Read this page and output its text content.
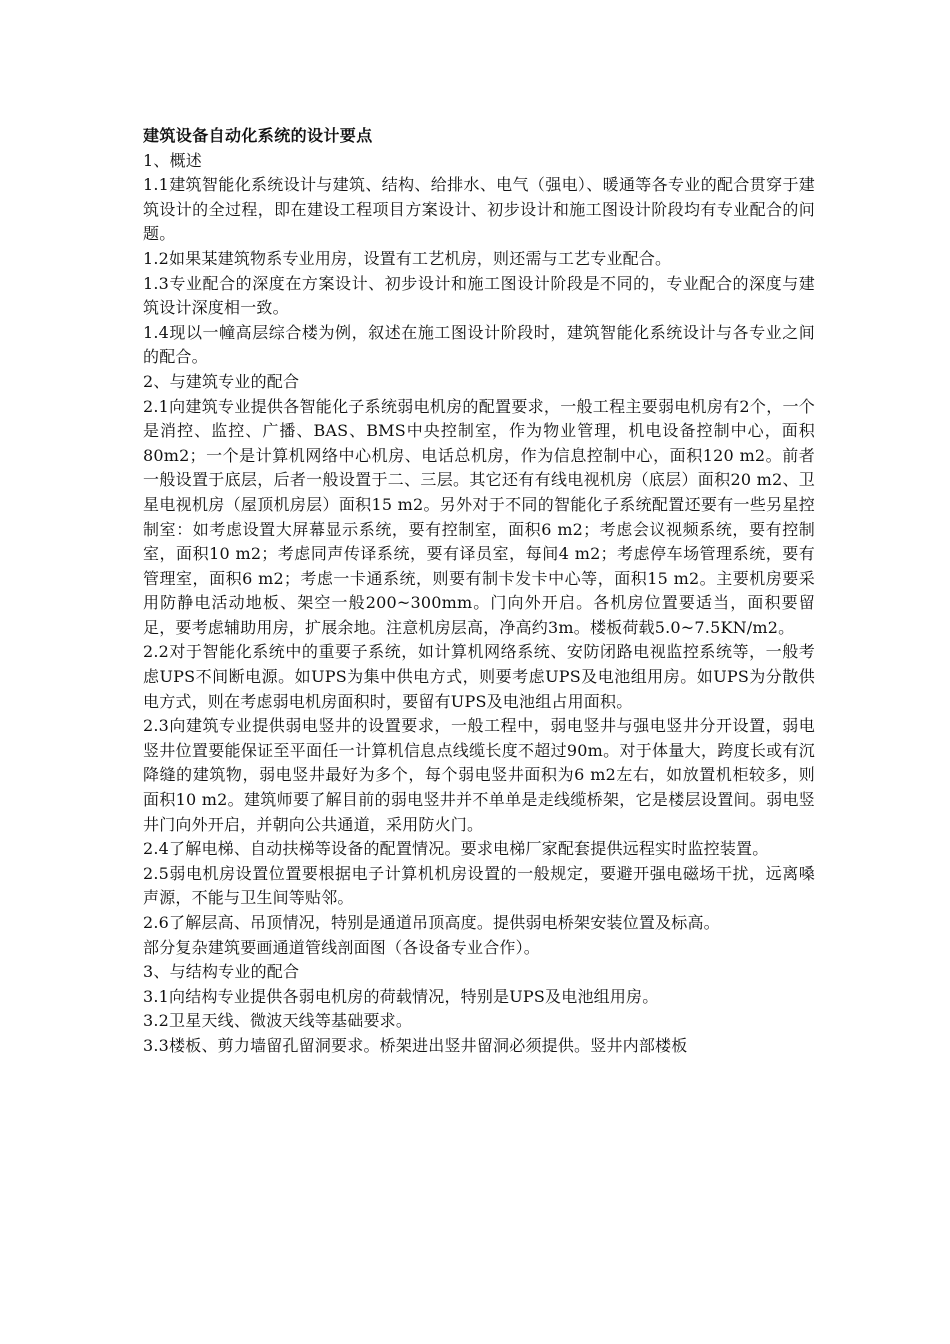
建筑设备自动化系统的设计要点

1、概述

1.1建筑智能化系统设计与建筑、结构、给排水、电气（强电）、暖通等各专业的配合贯穿于建筑设计的全过程，即在建设工程项目方案设计、初步设计和施工图设计阶段均有专业配合的问题。

1.2如果某建筑物系专业用房，设置有工艺机房，则还需与工艺专业配合。

1.3专业配合的深度在方案设计、初步设计和施工图设计阶段是不同的，专业配合的深度与建筑设计深度相一致。

1.4现以一幢高层综合楼为例，叙述在施工图设计阶段时，建筑智能化系统设计与各专业之间的配合。

2、与建筑专业的配合

2.1向建筑专业提供各智能化子系统弱电机房的配置要求，一般工程主要弱电机房有2个，一个是消控、监控、广播、BAS、BMS中央控制室，作为物业管理，机电设备控制中心，面积80m2；一个是计算机网络中心机房、电话总机房，作为信息控制中心，面积120 m2。前者一般设置于底层，后者一般设置于二、三层。其它还有有线电视机房（底层）面积20 m2、卫星电视机房（屋顶机房层）面积15 m2。另外对于不同的智能化子系统配置还要有一些另星控制室：如考虑设置大屏幕显示系统，要有控制室，面积6 m2；考虑会议视频系统，要有控制室，面积10 m2；考虑同声传译系统，要有译员室，每间4 m2；考虑停车场管理系统，要有管理室，面积6 m2；考虑一卡通系统，则要有制卡发卡中心等，面积15 m2。主要机房要采用防静电活动地板、架空一般200~300mm。门向外开启。各机房位置要适当，面积要留足，要考虑辅助用房，扩展余地。注意机房层高，净高约3m。楼板荷载5.0~7.5KN/m2。

2.2对于智能化系统中的重要子系统，如计算机网络系统、安防闭路电视监控系统等，一般考虑UPS不间断电源。如UPS为集中供电方式，则要考虑UPS及电池组用房。如UPS为分散供电方式，则在考虑弱电机房面积时，要留有UPS及电池组占用面积。

2.3向建筑专业提供弱电竖井的设置要求，一般工程中，弱电竖井与强电竖井分开设置，弱电竖井位置要能保证至平面任一计算机信息点线缆长度不超过90m。对于体量大，跨度长或有沉降缝的建筑物，弱电竖井最好为多个，每个弱电竖井面积为6 m2左右，如放置机柜较多，则面积10 m2。建筑师要了解目前的弱电竖井并不单单是走线缆桥架，它是楼层设置间。弱电竖井门向外开启，并朝向公共通道，采用防火门。

2.4了解电梯、自动扶梯等设备的配置情况。要求电梯厂家配套提供远程实时监控装置。

2.5弱电机房设置位置要根据电子计算机机房设置的一般规定，要避开强电磁场干扰，远离嗓声源，不能与卫生间等贴邻。

2.6了解层高、吊顶情况，特别是通道吊顶高度。提供弱电桥架安装位置及标高。

部分复杂建筑要画通道管线剖面图（各设备专业合作）。

3、与结构专业的配合

3.1向结构专业提供各弱电机房的荷载情况，特别是UPS及电池组用房。

3.2卫星天线、微波天线等基础要求。

3.3楼板、剪力墙留孔留洞要求。桥架进出竖井留洞必须提供。竖井内部楼板
